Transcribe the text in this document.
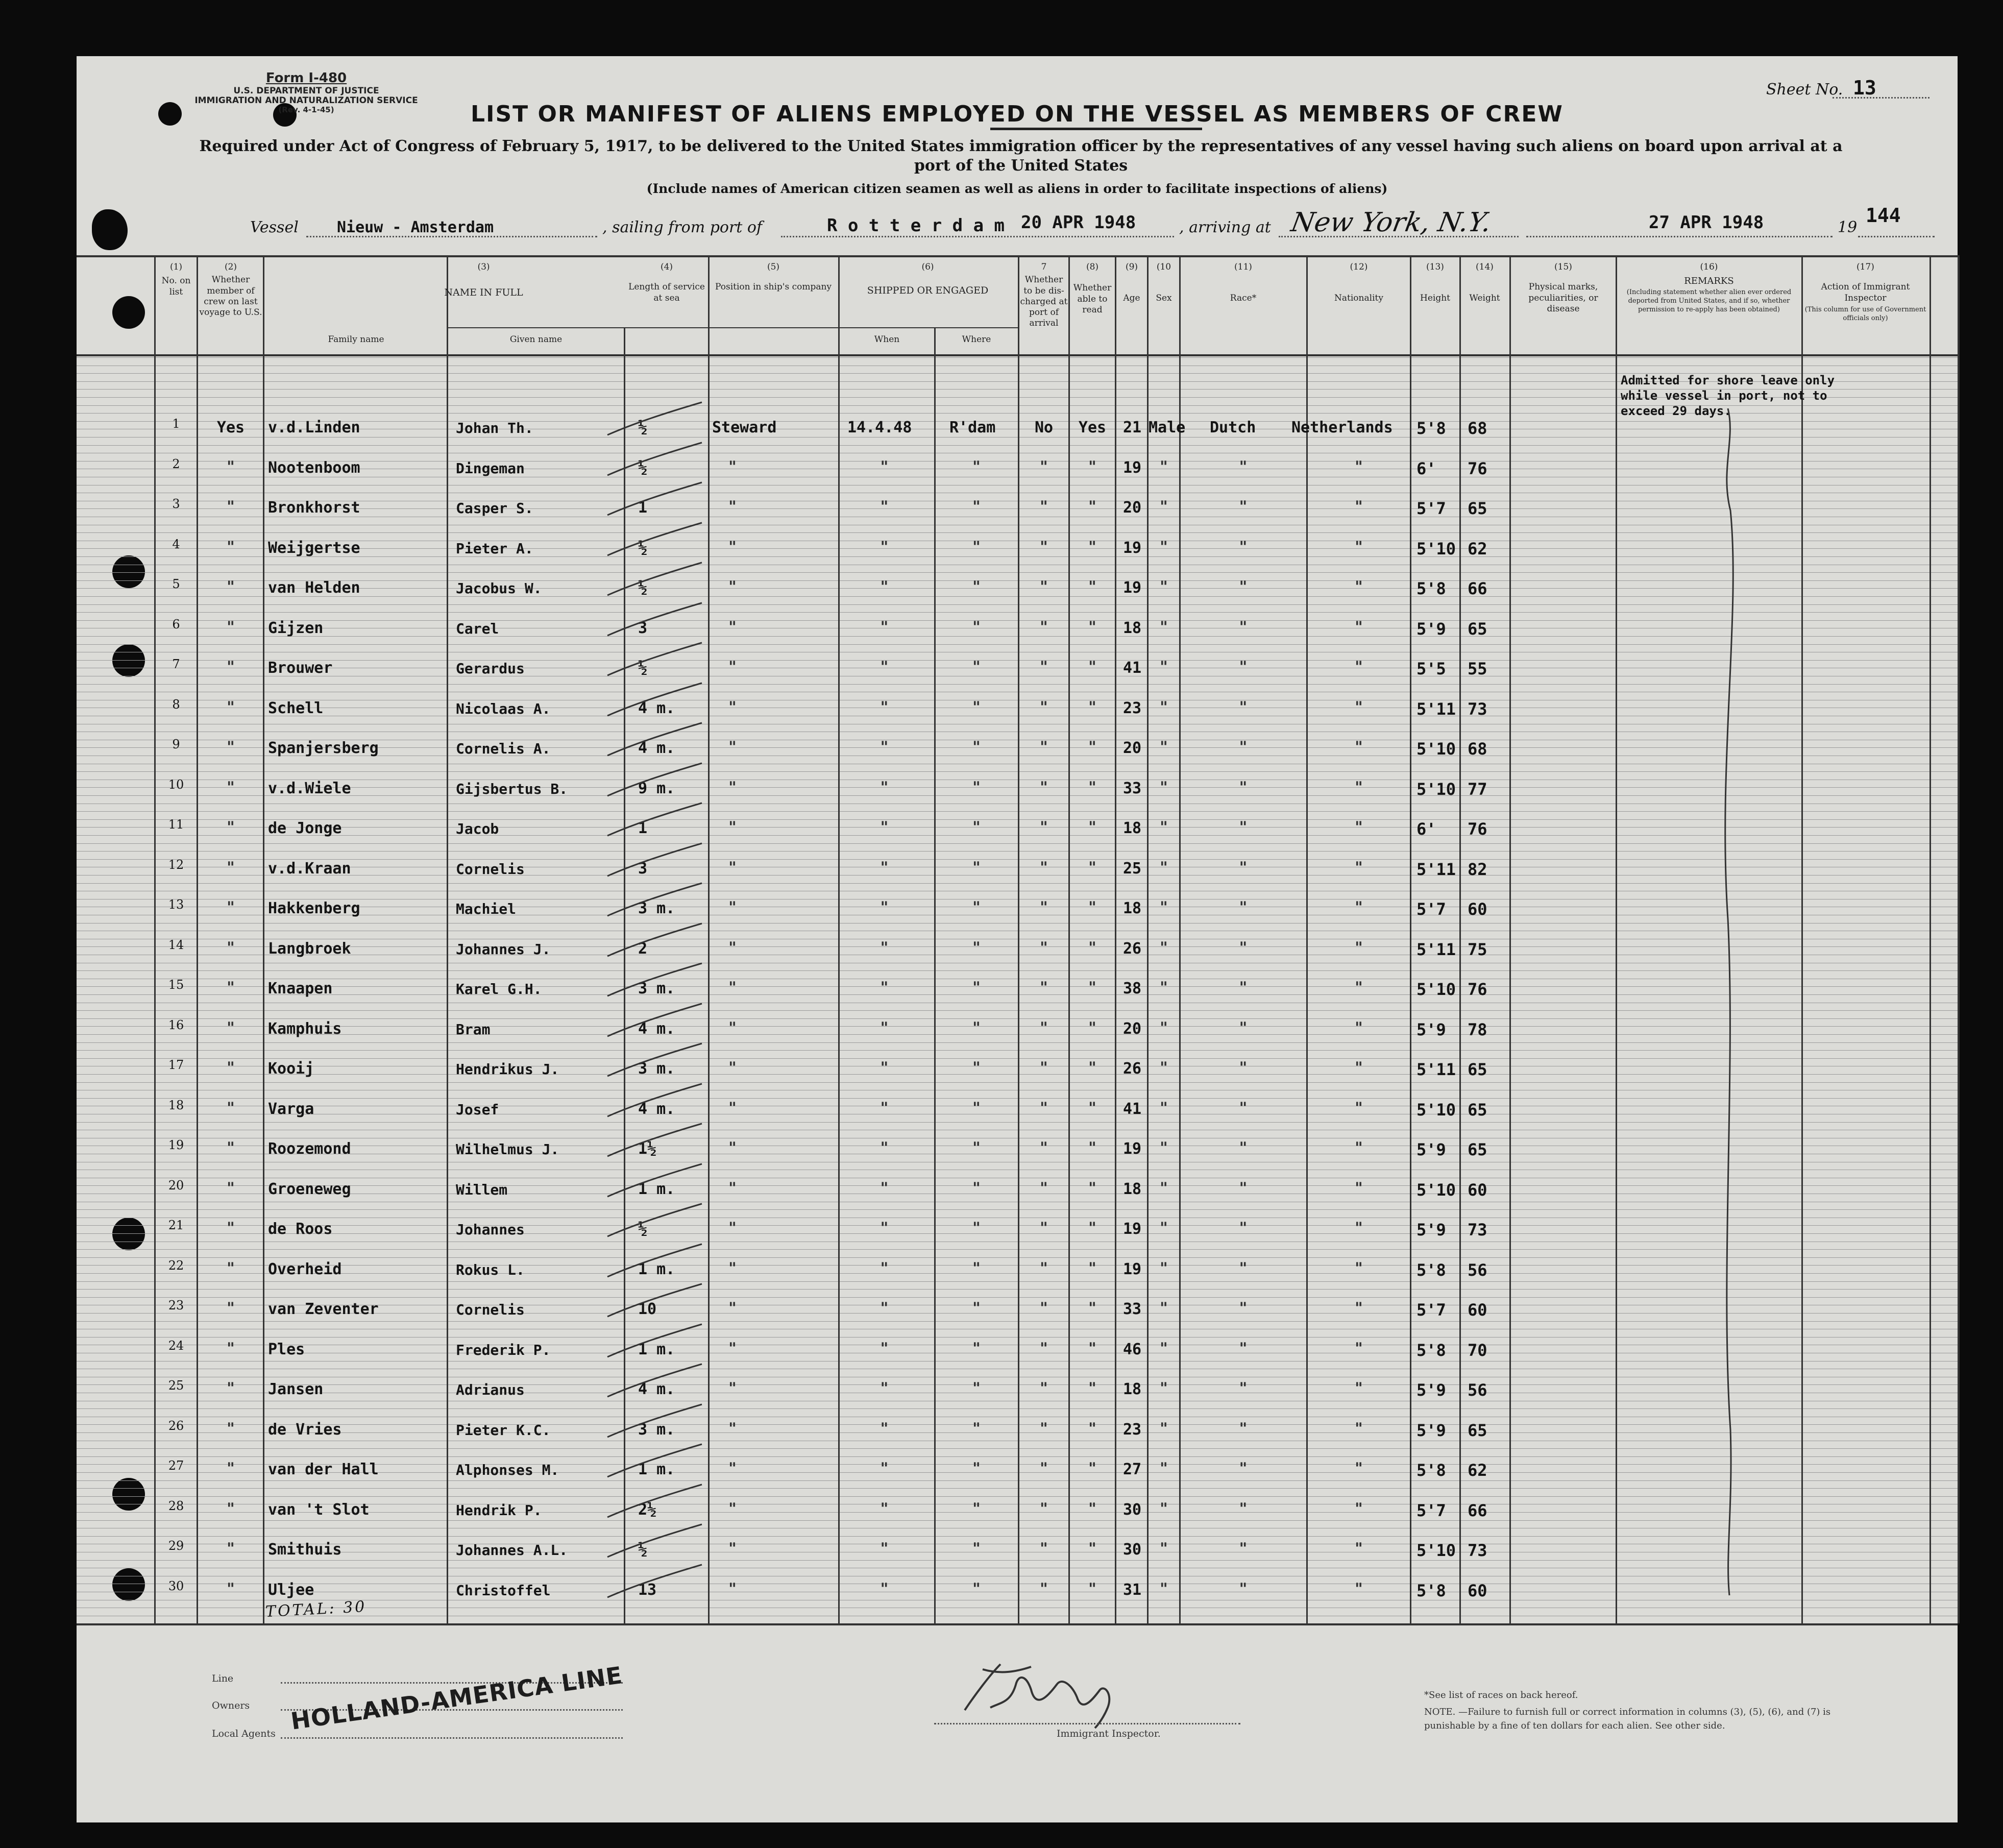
Form I-480
U.S. DEPARTMENT OF JUSTICE
IMMIGRATION AND NATURALIZATION SERVICE
(Rev. 4-1-45)
Sheet No. 13
LIST OR MANIFEST OF ALIENS EMPLOYED ON THE VESSEL AS MEMBERS OF CREW
Required under Act of Congress of February 5, 1917, to be delivered to the United States immigration officer by the representatives of any vessel having such aliens on board upon arrival at a port of the United States
(Include names of American citizen seamen as well as aliens in order to facilitate inspections of aliens)
Vessel	Nieuw - Amsterdam	, sailing from port of	R o t t e r d a m 20 APR 1948	, arriving at New York, N.Y.	27 APR 1948	19
144
(1)
No. on list
(2)
Whether member of crew on last voyage to U.S.
(3)
NAME IN FULL
Family name	Given name
(4)
Length of service at sea
(5)
Position in ship's company
(6)
SHIPPED OR ENGAGED
When	Where
7
Whether to be dis- charged at port of arrival
(8)
Whether able to read
(9)
Age
(10
Sex
(11)
Race*
(12)
Nationality
(13)
Height
(14)
Weight
(15)
Physical marks, peculiarities, or disease
(16)
REMARKS
(Including statement whether alien ever ordered deported from United States, and if so, whether permission to re-apply has been obtained)
(17)
Action of Immigrant Inspector
(This column for use of Government officials only)
1	Yes	v.d.Linden	Johan Th.	½	Steward	14.4.48 R'dam	No	Yes	21 Male Dutch Netherlands 5'8 68
2	"	Nootenboom	Dingeman	½	"	"	"	"	"	19	"	"	"	6' 76
3	"	Bronkhorst	Casper S.	1	"	"	"	"	"	20	"	"	"	5'7 65
4	"	Weijgertse	Pieter A.	½	"	"	"	"	"	19	"	"	"	5'10 62
5	"	van Helden	Jacobus W.	½	"	"	"	"	"	19	"	"	"	5'8 66
6	"	Gijzen	Carel	3	"	"	"	"	"	18	"	"	"	5'9 65
7	"	Brouwer	Gerardus	½	"	"	"	"	"	41	"	"	"	5'5 55
8	"	Schell	Nicolaas A.	4 m.	"	"	"	"	"	23	"	"	"	5'11 73
9	"	Spanjersberg	Cornelis A.	4 m.	"	"	"	"	"	20	"	"	"	5'10 68
10	"	v.d.Wiele	Gijsbertus B.	9 m.	"	"	"	"	"	33	"	"	"	5'10 77
11	"	de Jonge	Jacob	1	"	"	"	"	"	18	"	"	"	6' 76
12	"	v.d.Kraan	Cornelis	3	"	"	"	"	"	25	"	"	"	5'11 82
13	"	Hakkenberg	Machiel	3 m.	"	"	"	"	"	18	"	"	"	5'7 60
14	"	Langbroek	Johannes J.	2	"	"	"	"	"	26	"	"	"	5'11 75
15	"	Knaapen	Karel G.H.	3 m.	"	"	"	"	"	38	"	"	"	5'10 76
16	"	Kamphuis	Bram	4 m.	"	"	"	"	"	20	"	"	"	5'9 78
17	"	Kooij	Hendrikus J.	3 m.	"	"	"	"	"	26	"	"	"	5'11 65
18	"	Varga	Josef	4 m.	"	"	"	"	"	41	"	"	"	5'10 65
19	"	Roozemond	Wilhelmus J.	1½	"	"	"	"	"	19	"	"	"	5'9 65
20	"	Groeneweg	Willem	1 m.	"	"	"	"	"	18	"	"	"	5'10 60
21	"	de Roos	Johannes	½	"	"	"	"	"	19	"	"	"	5'9 73
22	"	Overheid	Rokus L.	1 m.	"	"	"	"	"	19	"	"	"	5'8 56
23	"	van Zeventer	Cornelis	10	"	"	"	"	"	33	"	"	"	5'7 60
24	"	Ples	Frederik P.	1 m.	"	"	"	"	"	46	"	"	"	5'8 70
25	"	Jansen	Adrianus	4 m.	"	"	"	"	"	18	"	"	"	5'9 56
26	"	de Vries	Pieter K.C.	3 m.	"	"	"	"	"	23	"	"	"	5'9 65
27	"	van der Hall	Alphonses M.	1 m.	"	"	"	"	"	27	"	"	"	5'8 62
28	"	van 't Slot	Hendrik P.	2½	"	"	"	"	"	30	"	"	"	5'7 66
29	"	Smithuis	Johannes A.L.	½	"	"	"	"	"	30	"	"	"	5'10 73
30	"	Uljee	Christoffel	13	"	"	"	"	"	31	"	"	"	5'8 60
Admitted for shore leave only while vessel in port, not to exceed 29 days.
TOTAL: 30
Line
Owners
Local Agents HOLLAND-AMERICA LINE	Immigrant Inspector.
*See list of races on back hereof.
NOTE. —Failure to furnish full or correct information in columns (3), (5), (6), and (7) is punishable by a fine of ten dollars for each alien. See other side.
